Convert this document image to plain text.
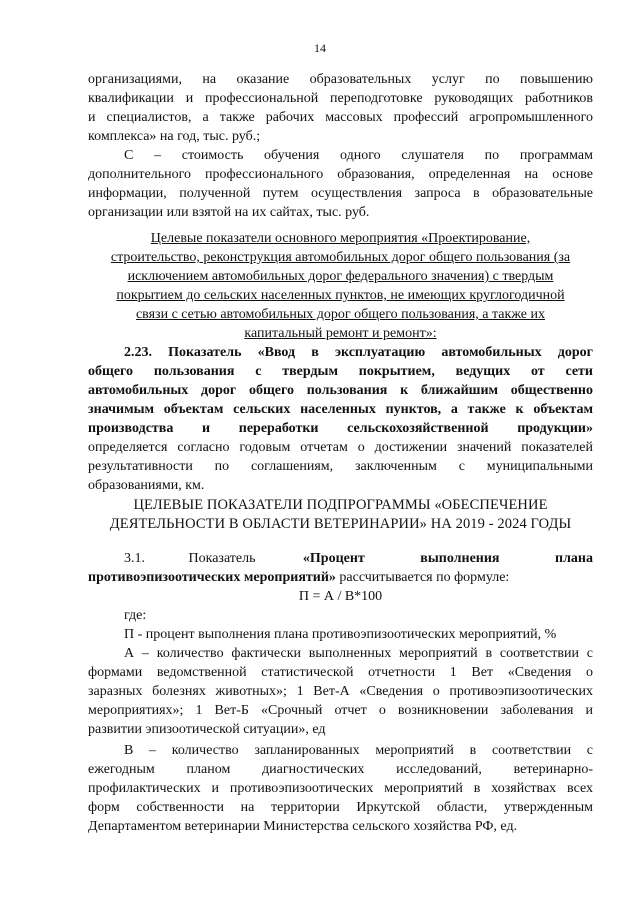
14
организациями, на оказание образовательных услуг по повышению
квалификации и профессиональной переподготовке руководящих работников
и специалистов, а также рабочих массовых профессий агропромышленного
комплекса» на год, тыс. руб.;
С – стоимость обучения одного слушателя по программам
дополнительного профессионального образования, определенная на основе
информации, полученной путем осуществления запроса в образовательные
организации или взятой на их сайтах, тыс. руб.
Целевые показатели основного мероприятия «Проектирование,
строительство, реконструкция автомобильных дорог общего пользования (за
исключением автомобильных дорог федерального значения) с твердым
покрытием до сельских населенных пунктов, не имеющих круглогодичной
связи с сетью автомобильных дорог общего пользования, а также их
капитальный ремонт и ремонт»:
2.23. Показатель «Ввод в эксплуатацию автомобильных дорог
общего пользования с твердым покрытием, ведущих от сети
автомобильных дорог общего пользования к ближайшим общественно
значимым объектам сельских населенных пунктов, а также к объектам
производства и переработки сельскохозяйственной продукции»
определяется согласно годовым отчетам о достижении значений показателей
результативности по соглашениям, заключенным с муниципальными
образованиями, км.
ЦЕЛЕВЫЕ ПОКАЗАТЕЛИ ПОДПРОГРАММЫ «ОБЕСПЕЧЕНИЕ
ДЕЯТЕЛЬНОСТИ В ОБЛАСТИ ВЕТЕРИНАРИИ» НА 2019 - 2024 ГОДЫ
3.1. Показатель	«Процент выполнения плана
противоэпизоотических мероприятий» рассчитывается по формуле:
П = А / В*100
где:
П - процент выполнения плана противоэпизоотических мероприятий, %
А – количество фактически выполненных мероприятий в соответствии с
формами ведомственной статистической отчетности 1 Вет «Сведения о
заразных болезнях животных»; 1 Вет-А «Сведения о противоэпизоотических
мероприятиях»; 1 Вет-Б «Срочный отчет о возникновении заболевания и
развитии эпизоотической ситуации», ед
В – количество запланированных мероприятий в соответствии с
ежегодным планом диагностических исследований, ветеринарно-
профилактических и противоэпизоотических мероприятий в хозяйствах всех
форм собственности на территории Иркутской области, утвержденным
Департаментом ветеринарии Министерства сельского хозяйства РФ, ед.
